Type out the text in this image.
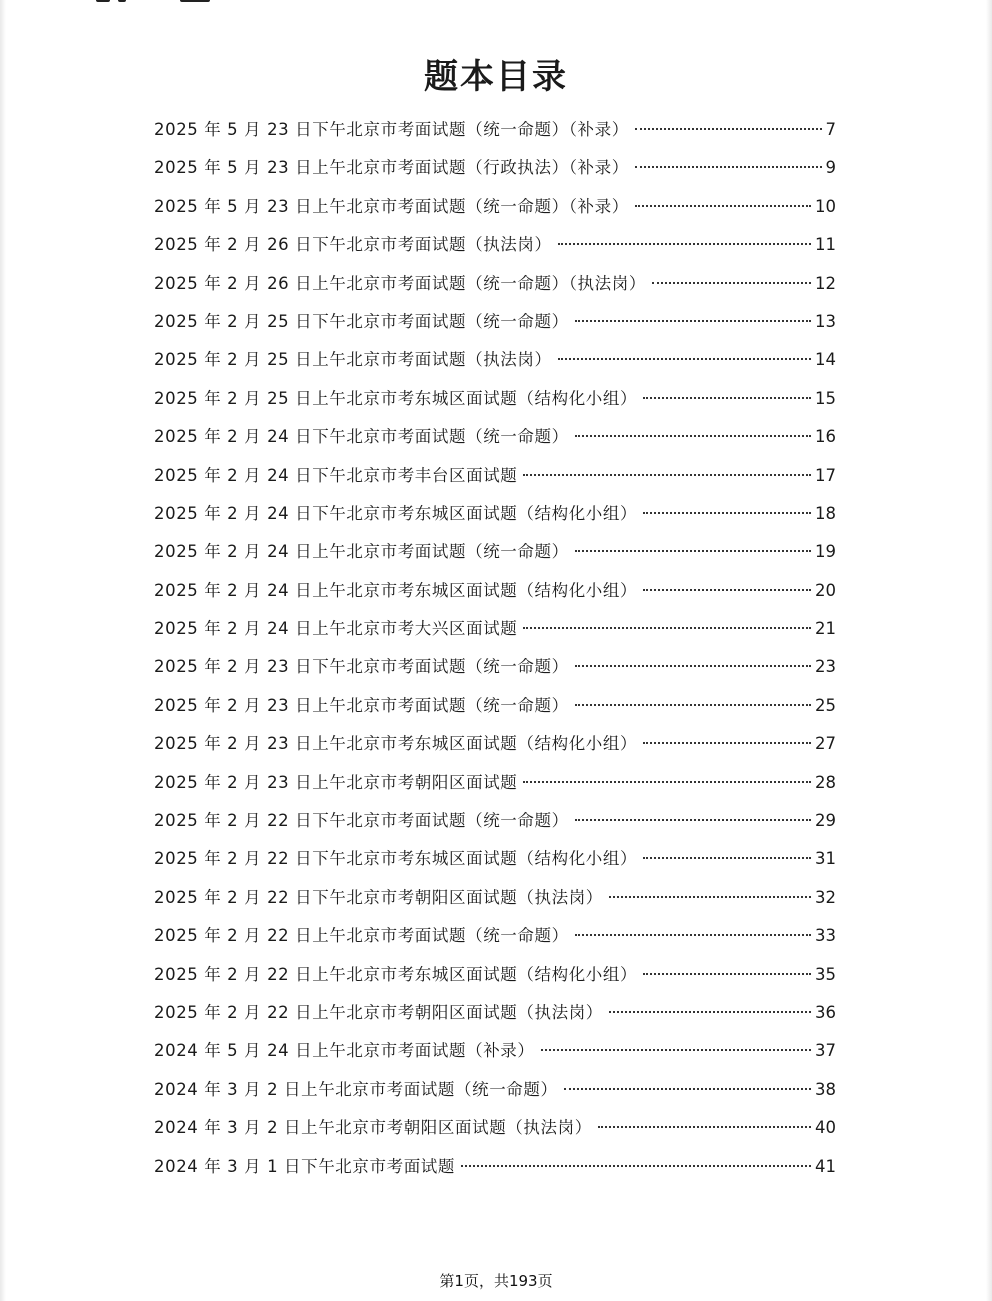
题本目录
2025 年 5 月 23 日下午北京市考面试题（统一命题）（补录）	7
2025 年 5 月 23 日上午北京市考面试题（行政执法）（补录）	9
2025 年 5 月 23 日上午北京市考面试题（统一命题）（补录）	10
2025 年 2 月 26 日下午北京市考面试题（执法岗）	11
2025 年 2 月 26 日上午北京市考面试题（统一命题）（执法岗）	12
2025 年 2 月 25 日下午北京市考面试题（统一命题）	13
2025 年 2 月 25 日上午北京市考面试题（执法岗）	14
2025 年 2 月 25 日上午北京市考东城区面试题（结构化小组）	15
2025 年 2 月 24 日下午北京市考面试题（统一命题）	16
2025 年 2 月 24 日下午北京市考丰台区面试题	17
2025 年 2 月 24 日下午北京市考东城区面试题（结构化小组）	18
2025 年 2 月 24 日上午北京市考面试题（统一命题）	19
2025 年 2 月 24 日上午北京市考东城区面试题（结构化小组）	20
2025 年 2 月 24 日上午北京市考大兴区面试题	21
2025 年 2 月 23 日下午北京市考面试题（统一命题）	23
2025 年 2 月 23 日上午北京市考面试题（统一命题）	25
2025 年 2 月 23 日上午北京市考东城区面试题（结构化小组）	27
2025 年 2 月 23 日上午北京市考朝阳区面试题	28
2025 年 2 月 22 日下午北京市考面试题（统一命题）	29
2025 年 2 月 22 日下午北京市考东城区面试题（结构化小组）	31
2025 年 2 月 22 日下午北京市考朝阳区面试题（执法岗）	32
2025 年 2 月 22 日上午北京市考面试题（统一命题）	33
2025 年 2 月 22 日上午北京市考东城区面试题（结构化小组）	35
2025 年 2 月 22 日上午北京市考朝阳区面试题（执法岗）	36
2024 年 5 月 24 日上午北京市考面试题（补录）	37
2024 年 3 月 2 日上午北京市考面试题（统一命题）	38
2024 年 3 月 2 日上午北京市考朝阳区面试题（执法岗）	40
2024 年 3 月 1 日下午北京市考面试题	41
第1页，共193页
